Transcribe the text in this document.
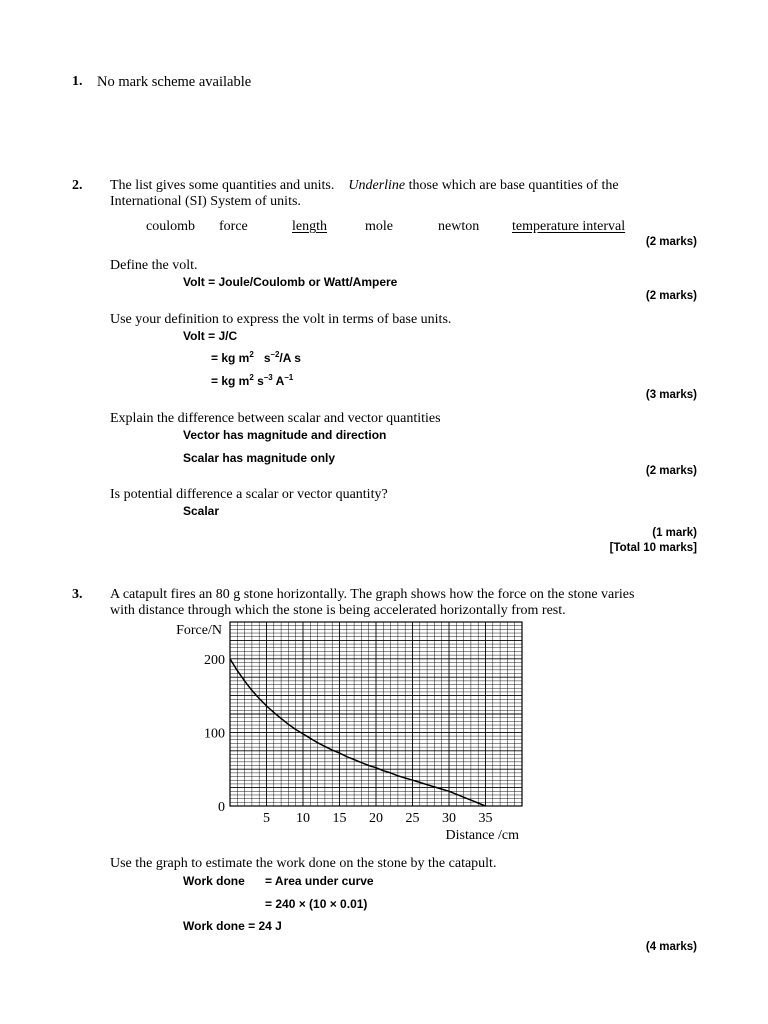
1. No mark scheme available
2. The list gives some quantities and units. Underline those which are base quantities of the
International (SI) System of units.
coulomb force	length	mole	newton temperature interval
(2 marks)
Define the volt.
Volt = Joule/Coulomb or Watt/Ampere
(2 marks)
Use your definition to express the volt in terms of base units.
Volt = J/C
= kg $m^2$ $s^{-2}/A$ s
= kg $m^2$ $s^{-3}$ $A^{-1}$
(3 marks)
Explain the difference between scalar and vector quantities
Vector has magnitude and direction
Scalar has magnitude only
(2 marks)
Is potential difference a scalar or vector quantity?
Scalar
(1 mark)
[Total 10 marks]
3. A catapult fires an 80 g stone horizontally. The graph shows how the force on the stone varies
with distance through which the stone is being accelerated horizontally from rest.
5 10 15 20 25 30 35
0
100
200
Force/N
Distance /cm
Use the graph to estimate the work done on the stone by the catapult.
Work done = Area under curve
= 240 × (10 × 0.01)
Work done = 24 J
(4 marks)
